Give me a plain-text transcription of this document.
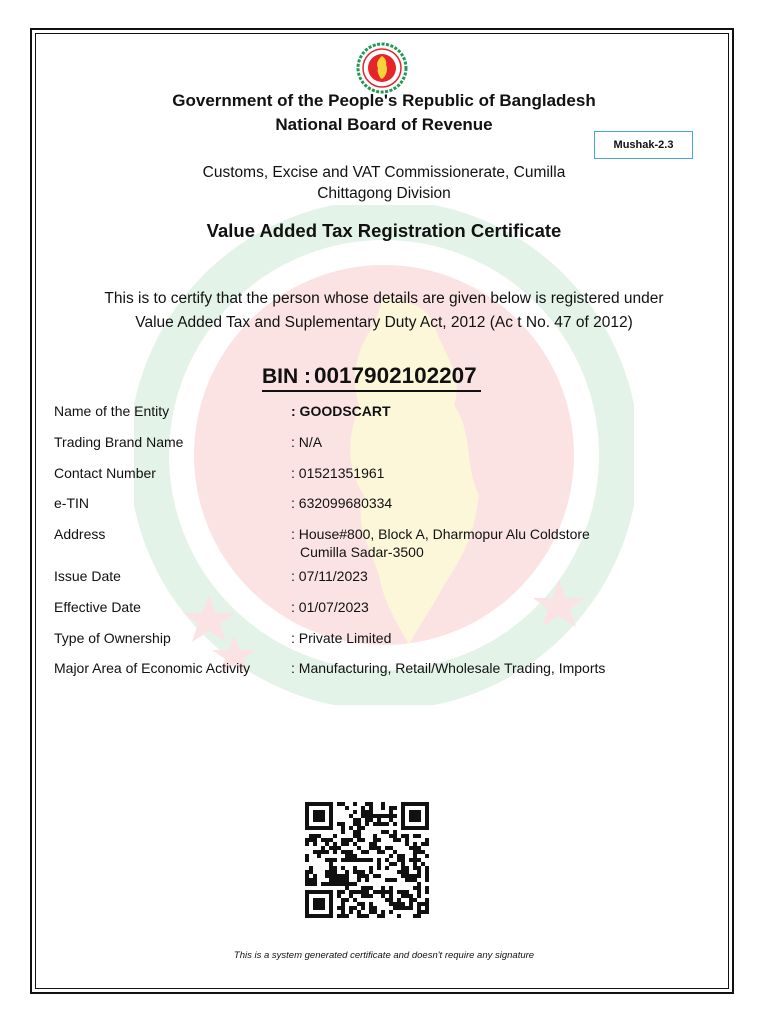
Government of the People's Republic of Bangladesh
National Board of Revenue
Mushak-2.3
Customs, Excise and VAT Commissionerate, Cumilla
Chittagong Division
Value Added Tax Registration Certificate
This is to certify that the person whose details are given below is registered under
Value Added Tax and Suplementary Duty Act, 2012 (Ac t No. 47 of 2012)
BIN : 0017902102207
Name of the Entity	: GOODSCART
Trading Brand Name	: N/A
Contact Number	: 01521351961
e-TIN	: 632099680334
Address	: House#800, Block A, Dharmopur Alu Coldstore
Cumilla Sadar-3500
Issue Date	: 07/11/2023
Effective Date	: 01/07/2023
Type of Ownership	: Private Limited
Major Area of Economic Activity	: Manufacturing, Retail/Wholesale Trading, Imports
This is a system generated certificate and doesn't require any signature
